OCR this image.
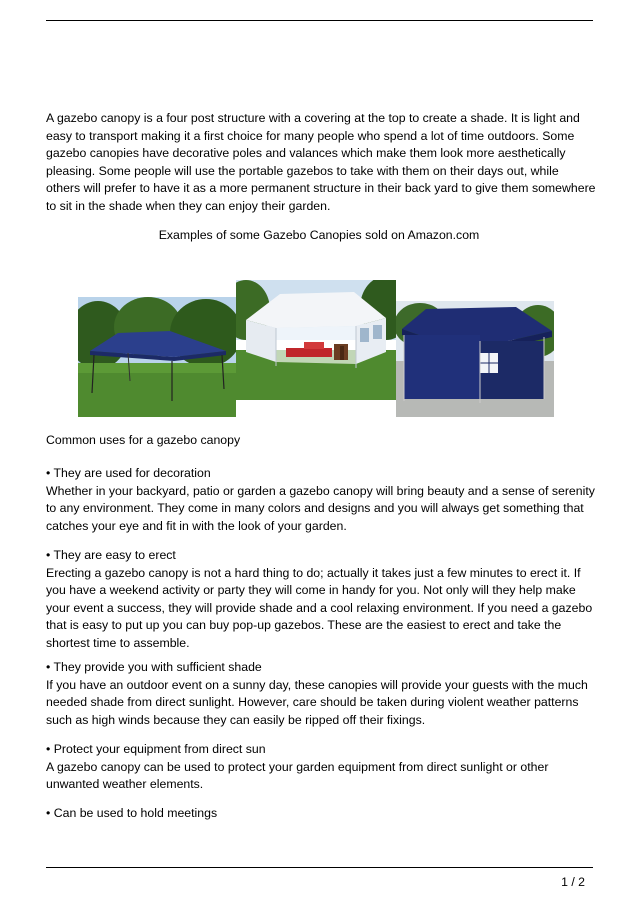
A gazebo canopy is a four post structure with a covering at the top to create a shade. It is light and easy to transport making it a first choice for many people who spend a lot of time outdoors. Some gazebo canopies have decorative poles and valances which make them look more aesthetically pleasing. Some people will use the portable gazebos to take with them on their days out, while others will prefer to have it as a more permanent structure in their back yard to give them somewhere to sit in the shade when they can enjoy their garden.

Examples of some Gazebo Canopies sold on Amazon.com

Common uses for a gazebo canopy

• They are used for decoration
Whether in your backyard, patio or garden a gazebo canopy will bring beauty and a sense of serenity to any environment. They come in many colors and designs and you will always get something that catches your eye and fit in with the look of your garden.
• They are easy to erect
Erecting a gazebo canopy is not a hard thing to do; actually it takes just a few minutes to erect it. If you have a weekend activity or party they will come in handy for you. Not only will they help make your event a success, they will provide shade and a cool relaxing environment. If you need a gazebo that is easy to put up you can buy pop-up gazebos. These are the easiest to erect and take the shortest time to assemble.
• They provide you with sufficient shade
If you have an outdoor event on a sunny day, these canopies will provide your guests with the much needed shade from direct sunlight. However, care should be taken during violent weather patterns such as high winds because they can easily be ripped off their fixings.
• Protect your equipment from direct sun
A gazebo canopy can be used to protect your garden equipment from direct sunlight or other unwanted weather elements.
• Can be used to hold meetings
1 / 2
